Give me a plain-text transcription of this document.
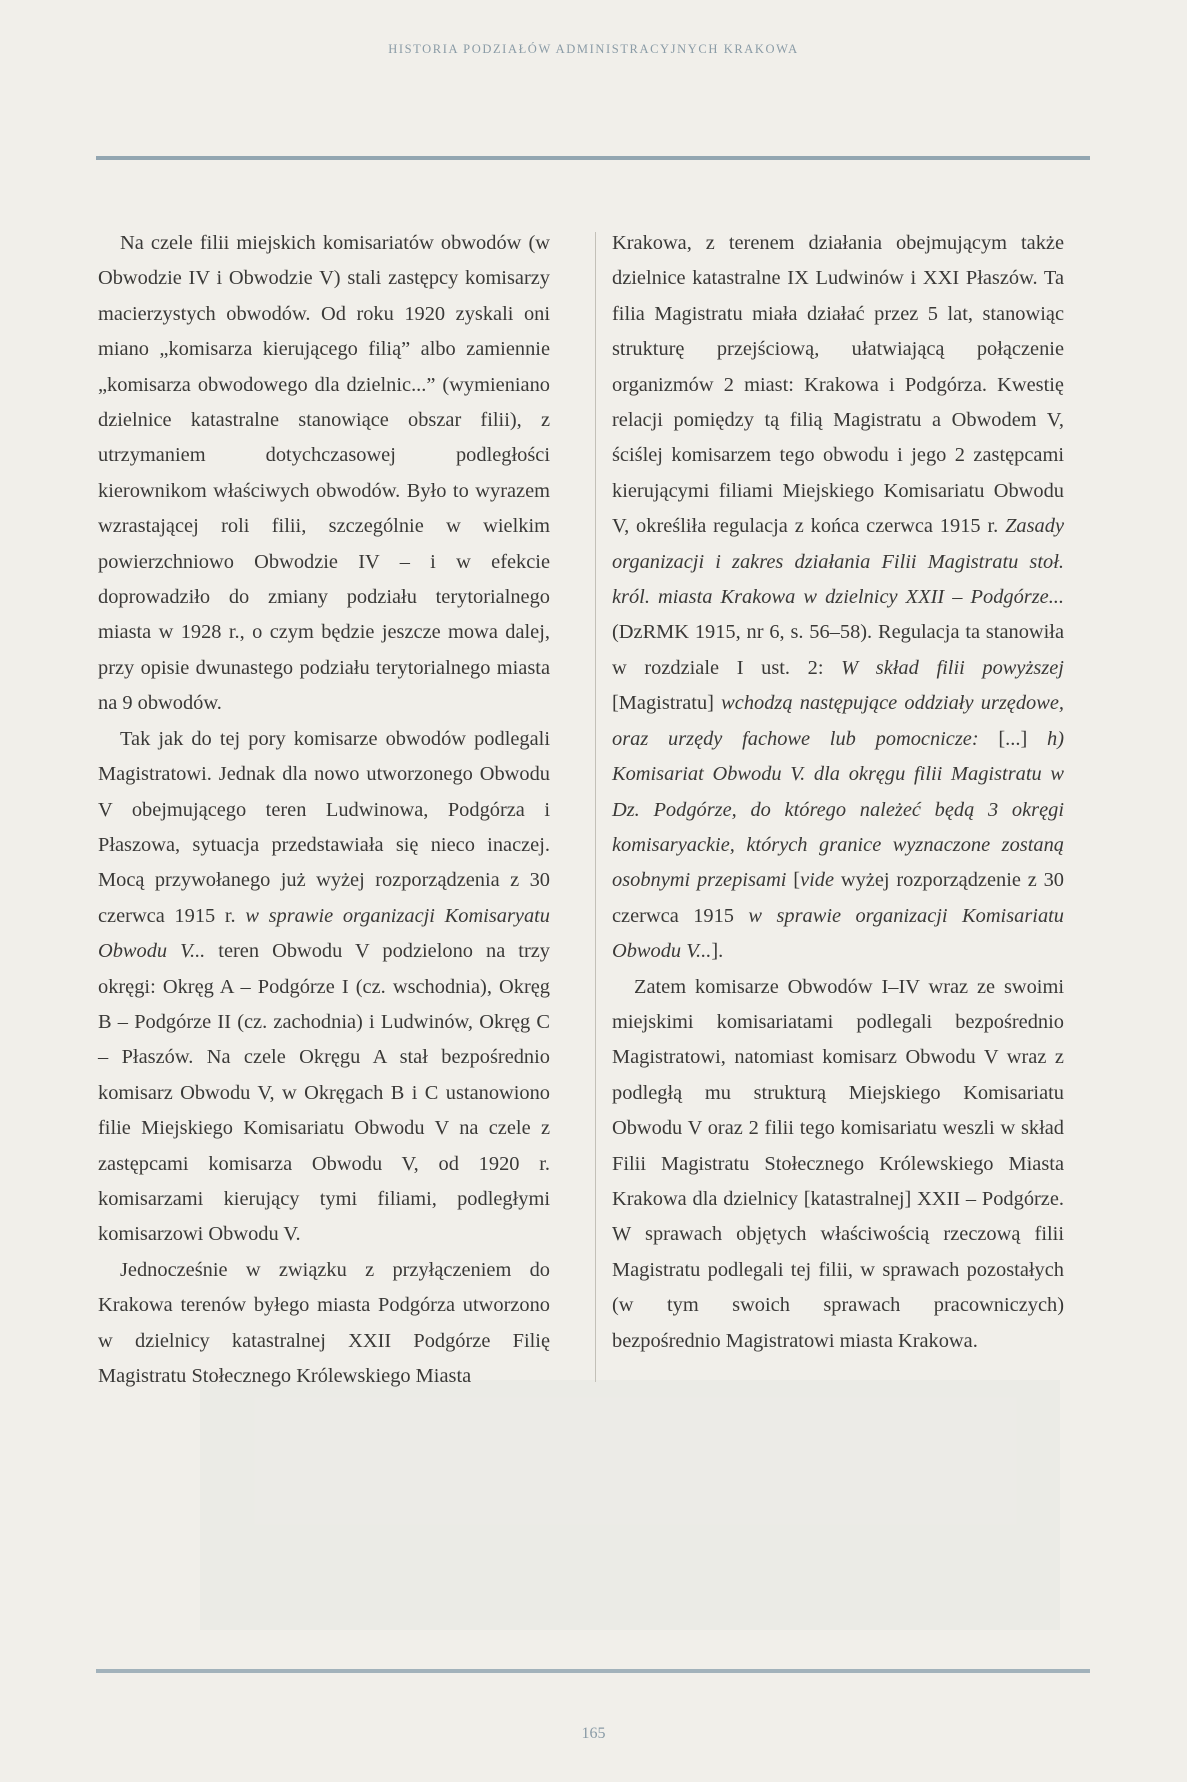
HISTORIA PODZIAŁÓW ADMINISTRACYJNYCH KRAKOWA

Na czele filii miejskich komisariatów obwodów (w Obwodzie IV i Obwodzie V) stali zastępcy komisarzy macierzystych obwodów. Od roku 1920 zyskali oni miano „komisarza kierującego filią” albo zamiennie „komisarza obwodowego dla dzielnic...” (wymieniano dzielnice katastralne stanowiące obszar filii), z utrzymaniem dotychczasowej podległości kierownikom właściwych obwodów. Było to wyrazem wzrastającej roli filii, szczególnie w wielkim powierzchniowo Obwodzie IV – i w efekcie doprowadziło do zmiany podziału terytorialnego miasta w 1928 r., o czym będzie jeszcze mowa dalej, przy opisie dwunastego podziału terytorialnego miasta na 9 obwodów.

Tak jak do tej pory komisarze obwodów podlegali Magistratowi. Jednak dla nowo utworzonego Obwodu V obejmującego teren Ludwinowa, Podgórza i Płaszowa, sytuacja przedstawiała się nieco inaczej. Mocą przywołanego już wyżej rozporządzenia z 30 czerwca 1915 r. w sprawie organizacji Komisaryatu Obwodu V... teren Obwodu V podzielono na trzy okręgi: Okręg A – Podgórze I (cz. wschodnia), Okręg B – Podgórze II (cz. zachodnia) i Ludwinów, Okręg C – Płaszów. Na czele Okręgu A stał bezpośrednio komisarz Obwodu V, w Okręgach B i C ustanowiono filie Miejskiego Komisariatu Obwodu V na czele z zastępcami komisarza Obwodu V, od 1920 r. komisarzami kierujący tymi filiami, podległymi komisarzowi Obwodu V.

Jednocześnie w związku z przyłączeniem do Krakowa terenów byłego miasta Podgórza utworzono w dzielnicy katastralnej XXII Podgórze Filię Magistratu Stołecznego Królewskiego Miasta

Krakowa, z terenem działania obejmującym także dzielnice katastralne IX Ludwinów i XXI Płaszów. Ta filia Magistratu miała działać przez 5 lat, stanowiąc strukturę przejściową, ułatwiającą połączenie organizmów 2 miast: Krakowa i Podgórza. Kwestię relacji pomiędzy tą filią Magistratu a Obwodem V, ściślej komisarzem tego obwodu i jego 2 zastępcami kierującymi filiami Miejskiego Komisariatu Obwodu V, określiła regulacja z końca czerwca 1915 r. Zasady organizacji i zakres działania Filii Magistratu stoł. król. miasta Krakowa w dzielnicy XXII – Podgórze... (DzRMK 1915, nr 6, s. 56–58). Regulacja ta stanowiła w rozdziale I ust. 2: W skład filii powyższej [Magistratu] wchodzą następujące oddziały urzędowe, oraz urzędy fachowe lub pomocnicze: [...] h) Komisariat Obwodu V. dla okręgu filii Magistratu w Dz. Podgórze, do którego należeć będą 3 okręgi komisaryackie, których granice wyznaczone zostaną osobnymi przepisami [vide wyżej rozporządzenie z 30 czerwca 1915 w sprawie organizacji Komisariatu Obwodu V...].

Zatem komisarze Obwodów I–IV wraz ze swoimi miejskimi komisariatami podlegali bezpośrednio Magistratowi, natomiast komisarz Obwodu V wraz z podległą mu strukturą Miejskiego Komisariatu Obwodu V oraz 2 filii tego komisariatu weszli w skład Filii Magistratu Stołecznego Królewskiego Miasta Krakowa dla dzielnicy [katastralnej] XXII – Podgórze. W sprawach objętych właściwością rzeczową filii Magistratu podlegali tej filii, w sprawach pozostałych (w tym swoich sprawach pracowniczych) bezpośrednio Magistratowi miasta Krakowa.

165
